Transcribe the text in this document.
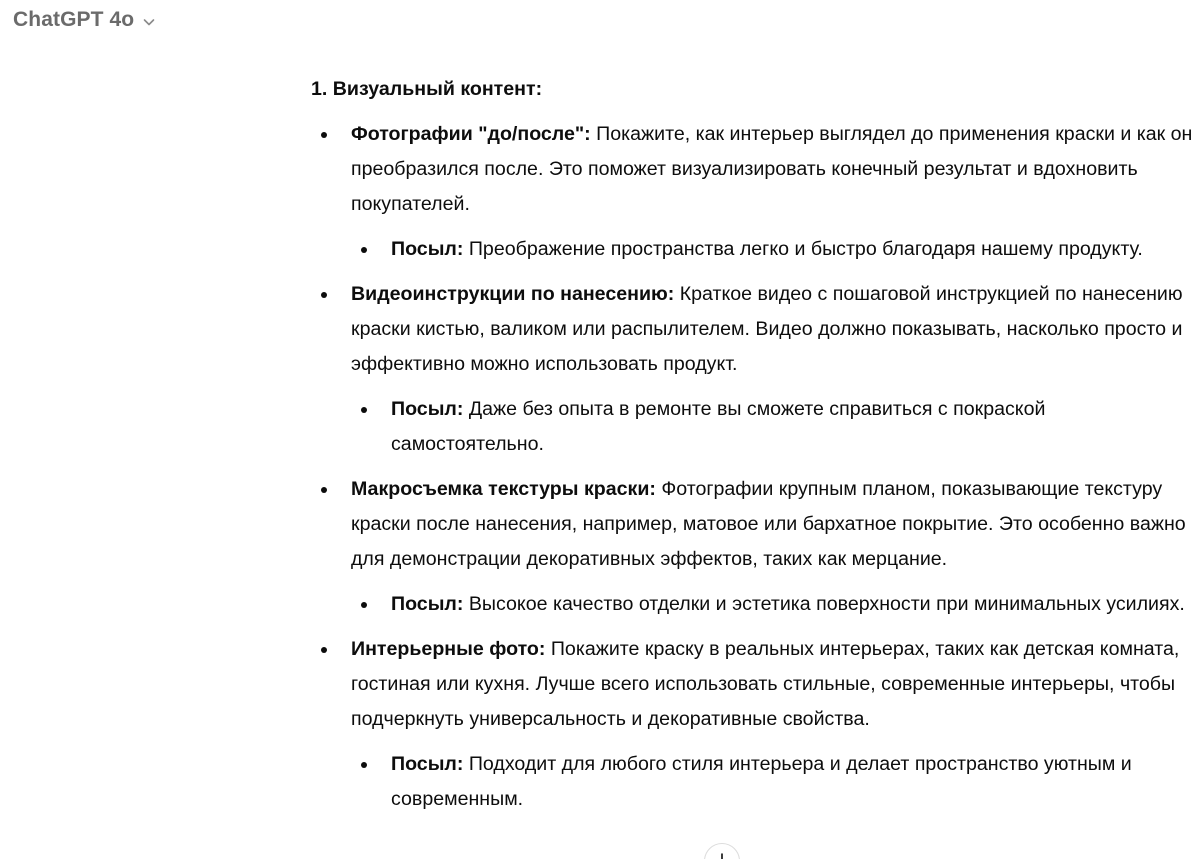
ChatGPT 4o

1. Визуальный контент:

Фотографии "до/после": Покажите, как интерьер выглядел до применения краски и как он преобразился после. Это поможет визуализировать конечный результат и вдохновить покупателей.
Посыл: Преображение пространства легко и быстро благодаря нашему продукту.
Видеоинструкции по нанесению: Краткое видео с пошаговой инструкцией по нанесению краски кистью, валиком или распылителем. Видео должно показывать, насколько просто и эффективно можно использовать продукт.
Посыл: Даже без опыта в ремонте вы сможете справиться с покраской самостоятельно.
Макросъемка текстуры краски: Фотографии крупным планом, показывающие текстуру краски после нанесения, например, матовое или бархатное покрытие. Это особенно важно для демонстрации декоративных эффектов, таких как мерцание.
Посыл: Высокое качество отделки и эстетика поверхности при минимальных усилиях.
Интерьерные фото: Покажите краску в реальных интерьерах, таких как детская комната, гостиная или кухня. Лучше всего использовать стильные, современные интерьеры, чтобы подчеркнуть универсальность и декоративные свойства.
Посыл: Подходит для любого стиля интерьера и делает пространство уютным и современным.
